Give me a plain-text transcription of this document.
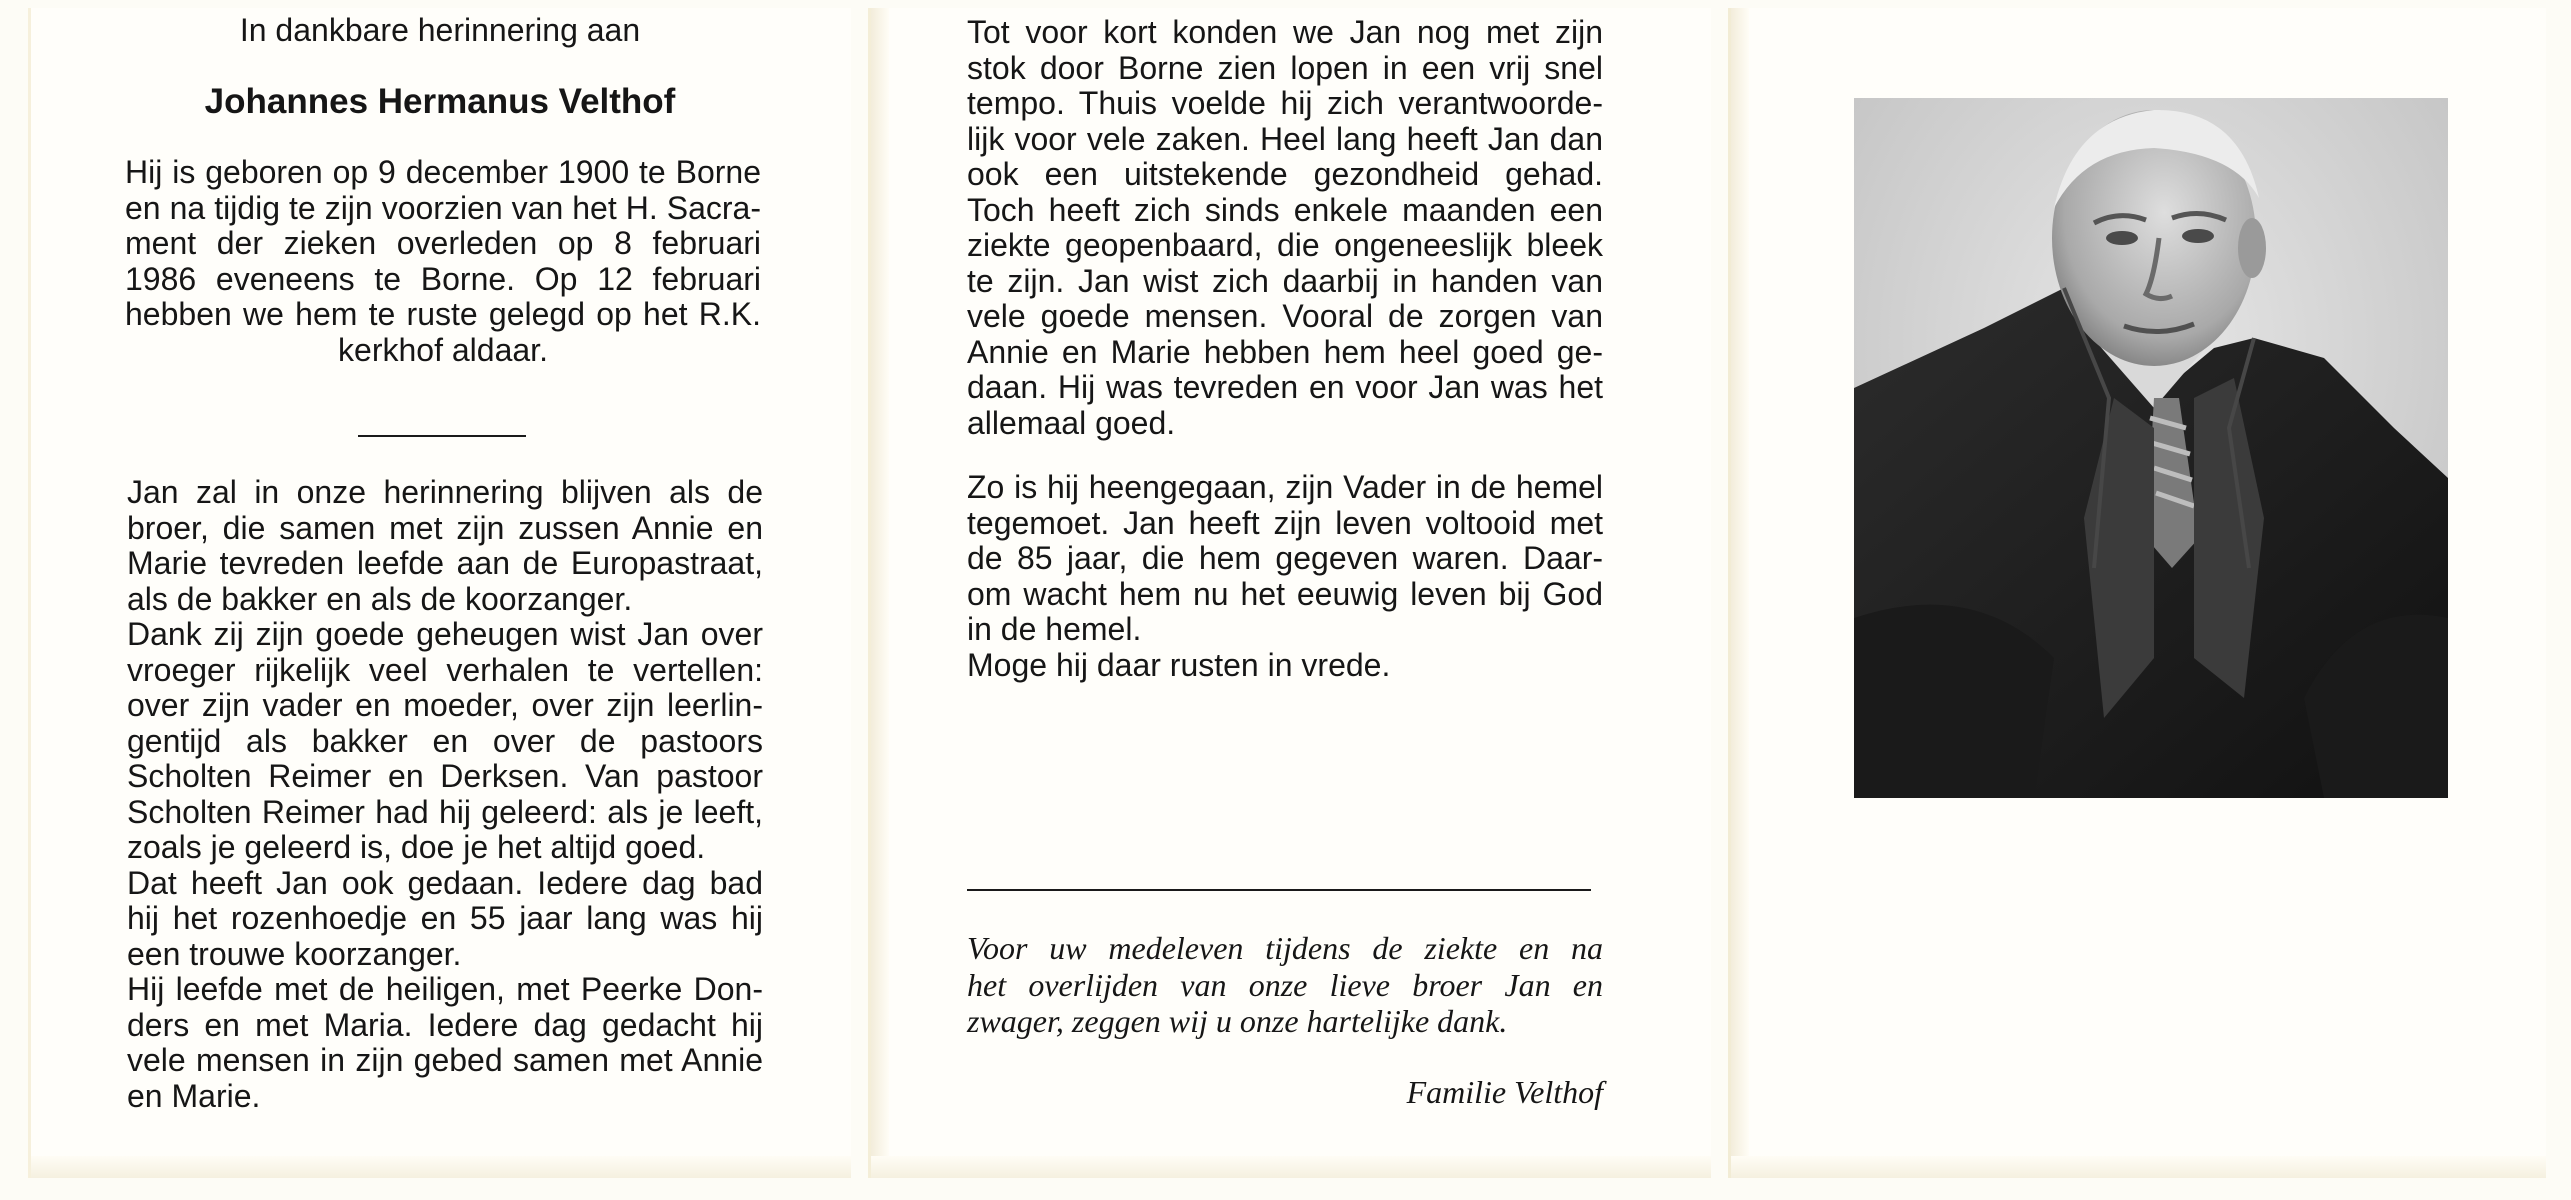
In dankbare herinnering aan

Johannes Hermanus Velthof

Hij is geboren op 9 december 1900 te Borne
en na tijdig te zijn voorzien van het H. Sacra-
ment der zieken overleden op 8 februari
1986 eveneens te Borne. Op 12 februari
hebben we hem te ruste gelegd op het R.K.
kerkhof aldaar.
Jan zal in onze herinnering blijven als de
broer, die samen met zijn zussen Annie en
Marie tevreden leefde aan de Europastraat,
als de bakker en als de koorzanger.
Dank zij zijn goede geheugen wist Jan over
vroeger rijkelijk veel verhalen te vertellen:
over zijn vader en moeder, over zijn leerlin-
gentijd als bakker en over de pastoors
Scholten Reimer en Derksen. Van pastoor
Scholten Reimer had hij geleerd: als je leeft,
zoals je geleerd is, doe je het altijd goed.
Dat heeft Jan ook gedaan. Iedere dag bad
hij het rozenhoedje en 55 jaar lang was hij
een trouwe koorzanger.
Hij leefde met de heiligen, met Peerke Don-
ders en met Maria. Iedere dag gedacht hij
vele mensen in zijn gebed samen met Annie
en Marie.
Tot voor kort konden we Jan nog met zijn
stok door Borne zien lopen in een vrij snel
tempo. Thuis voelde hij zich verantwoorde-
lijk voor vele zaken. Heel lang heeft Jan dan
ook een uitstekende gezondheid gehad.
Toch heeft zich sinds enkele maanden een
ziekte geopenbaard, die ongeneeslijk bleek
te zijn. Jan wist zich daarbij in handen van
vele goede mensen. Vooral de zorgen van
Annie en Marie hebben hem heel goed ge-
daan. Hij was tevreden en voor Jan was het
allemaal goed.
Zo is hij heengegaan, zijn Vader in de hemel
tegemoet. Jan heeft zijn leven voltooid met
de 85 jaar, die hem gegeven waren. Daar-
om wacht hem nu het eeuwig leven bij God
in de hemel.
Moge hij daar rusten in vrede.
Voor uw medeleven tijdens de ziekte en na
het overlijden van onze lieve broer Jan en
zwager, zeggen wij u onze hartelijke dank.

Familie Velthof
